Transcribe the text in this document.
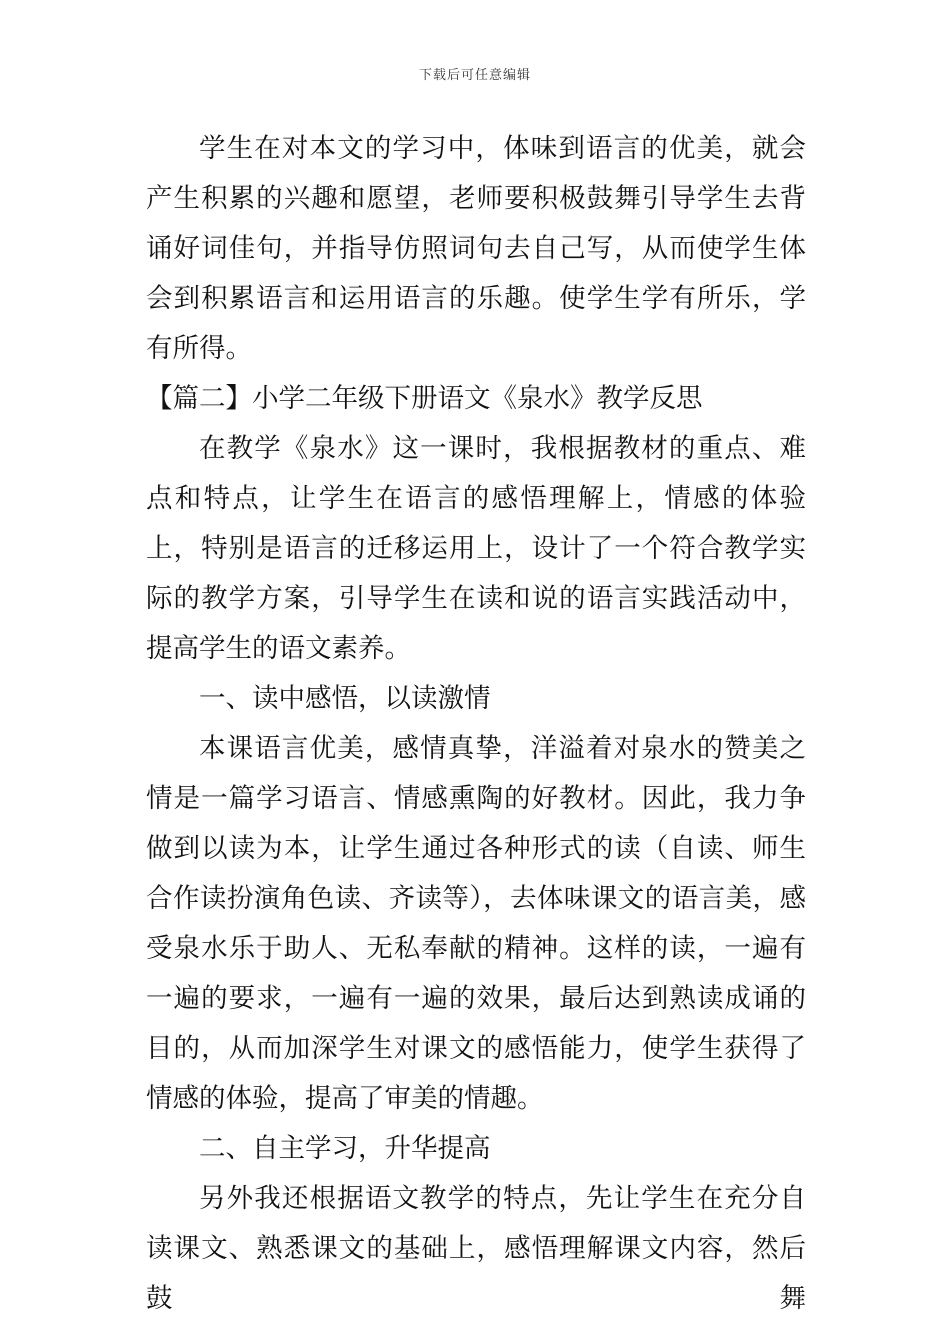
下载后可任意编辑

学生在对本文的学习中，体味到语言的优美，就会产生积累的兴趣和愿望，老师要积极鼓舞引导学生去背诵好词佳句，并指导仿照词句去自己写，从而使学生体会到积累语言和运用语言的乐趣。使学生学有所乐，学有所得。

【篇二】小学二年级下册语文《泉水》教学反思

在教学《泉水》这一课时，我根据教材的重点、难点和特点，让学生在语言的感悟理解上，情感的体验上，特别是语言的迁移运用上，设计了一个符合教学实际的教学方案，引导学生在读和说的语言实践活动中，提高学生的语文素养。

一、读中感悟，以读激情

本课语言优美，感情真挚，洋溢着对泉水的赞美之情是一篇学习语言、情感熏陶的好教材。因此，我力争做到以读为本，让学生通过各种形式的读（自读、师生合作读扮演角色读、齐读等），去体味课文的语言美，感受泉水乐于助人、无私奉献的精神。这样的读，一遍有一遍的要求，一遍有一遍的效果，最后达到熟读成诵的目的，从而加深学生对课文的感悟能力，使学生获得了情感的体验，提高了审美的情趣。

二、自主学习，升华提高

另外我还根据语文教学的特点，先让学生在充分自读课文、熟悉课文的基础上，感悟理解课文内容，然后鼓舞
